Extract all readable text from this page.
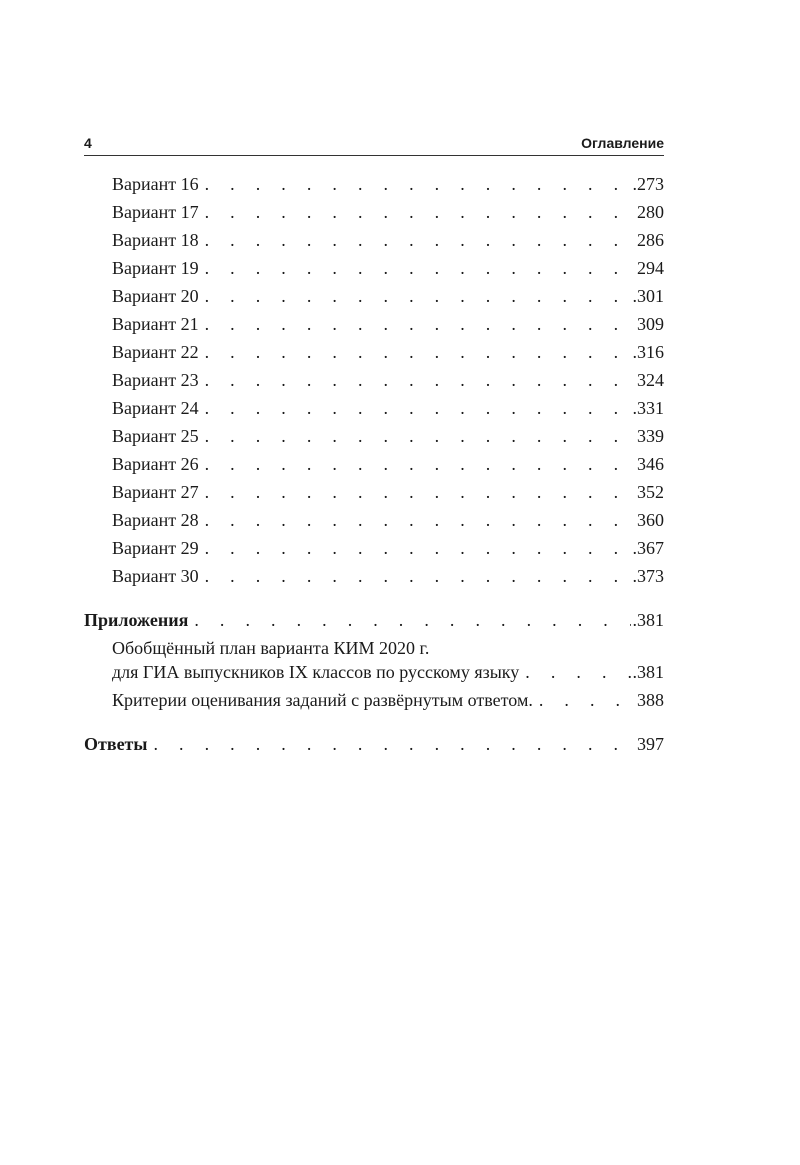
4	Оглавление
Вариант 16 . . .	.273
Вариант 17 . . .	280
Вариант 18 . . .	286
Вариант 19 . . .	294
Вариант 20 . . .	.301
Вариант 21 . . .	309
Вариант 22 . . .	.316
Вариант 23 . . .	324
Вариант 24 . . .	.331
Вариант 25 . . .	339
Вариант 26 . . .	346
Вариант 27 . . .	352
Вариант 28 . . .	360
Вариант 29 . . .	.367
Вариант 30 . . .	.373
Приложения . . .	.381
Обобщённый план варианта КИМ 2020 г.
для ГИА выпускников IX классов по русскому языку . . .	.381
Критерии оценивания заданий с развёрнутым ответом. . . .	388
Ответы . . .	397
